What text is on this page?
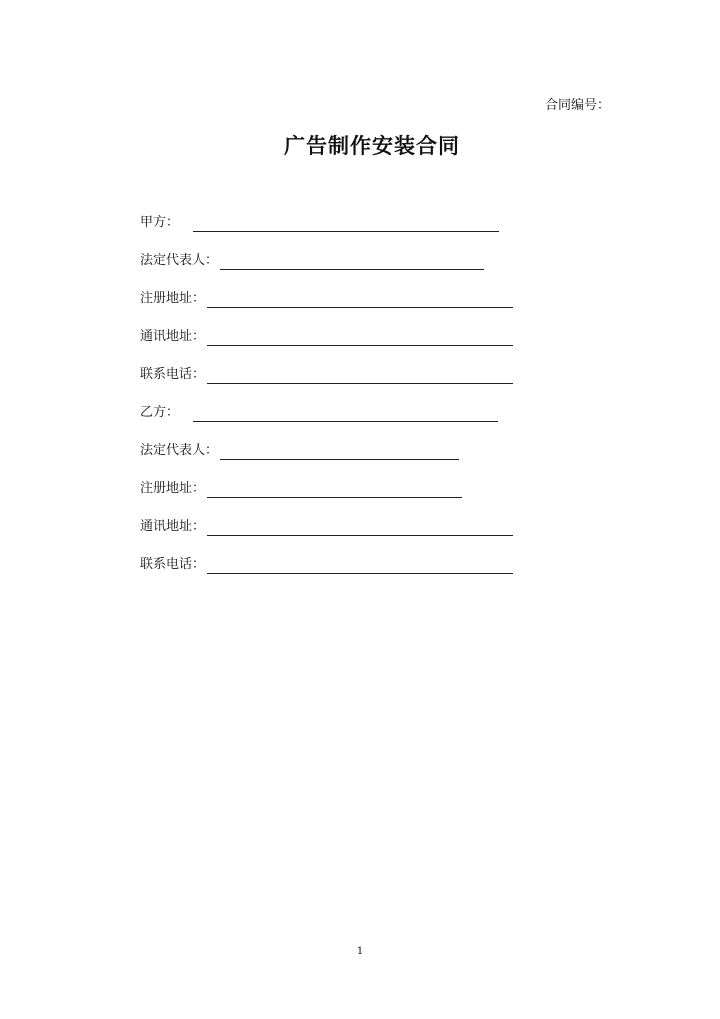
合同编号：
广告制作安装合同
甲方：
法定代表人：
注册地址：
通讯地址：
联系电话：
乙方：
法定代表人：
注册地址：
通讯地址：
联系电话：
1
